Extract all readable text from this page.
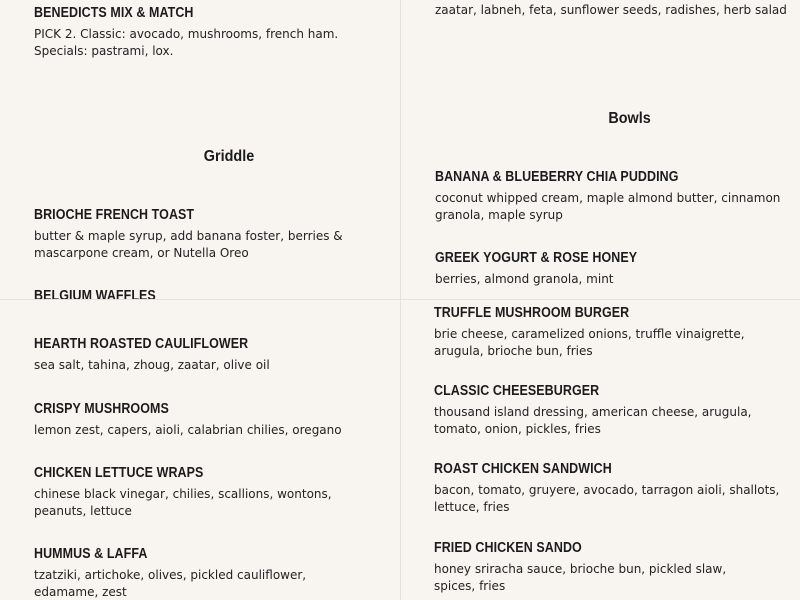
BENEDICTS MIX & MATCH
PICK 2. Classic: avocado, mushrooms, french ham. Specials: pastrami, lox.
Griddle
BRIOCHE FRENCH TOAST
butter & maple syrup, add banana foster, berries & mascarpone cream, or Nutella Oreo
BELGIUM WAFFLES
zaatar, labneh, feta, sunflower seeds, radishes, herb salad
Bowls
BANANA & BLUEBERRY CHIA PUDDING
coconut whipped cream, maple almond butter, cinnamon granola, maple syrup
GREEK YOGURT & ROSE HONEY
berries, almond granola, mint
HEARTH ROASTED CAULIFLOWER
sea salt, tahina, zhoug, zaatar, olive oil
CRISPY MUSHROOMS
lemon zest, capers, aioli, calabrian chilies, oregano
CHICKEN LETTUCE WRAPS
chinese black vinegar, chilies, scallions, wontons, peanuts, lettuce
HUMMUS & LAFFA
tzatziki, artichoke, olives, pickled cauliflower, edamame, zest
TRUFFLE MUSHROOM BURGER
brie cheese, caramelized onions, truffle vinaigrette, arugula, brioche bun, fries
CLASSIC CHEESEBURGER
thousand island dressing, american cheese, arugula, tomato, onion, pickles, fries
ROAST CHICKEN SANDWICH
bacon, tomato, gruyere, avocado, tarragon aioli, shallots, lettuce, fries
FRIED CHICKEN SANDO
honey sriracha sauce, brioche bun, pickled slaw, spices, fries
